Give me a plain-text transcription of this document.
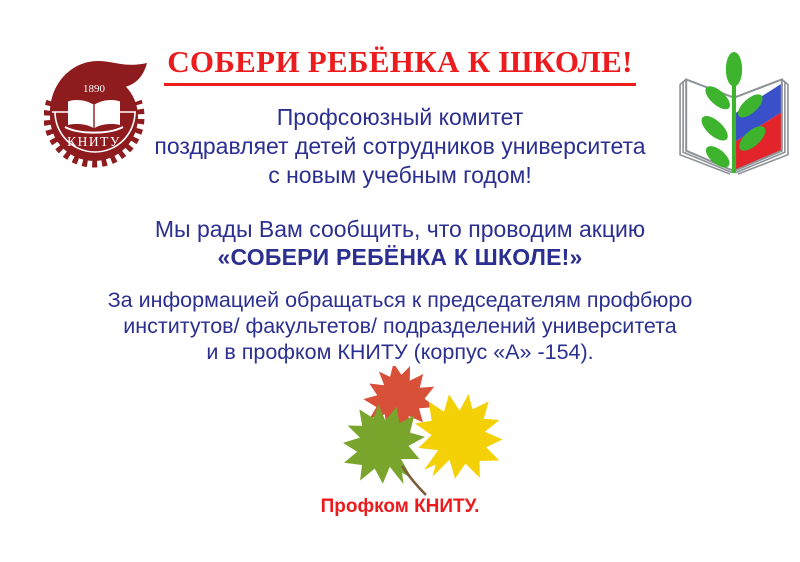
1890
КНИТУ
СОБЕРИ РЕБЁНКА К ШКОЛЕ!
Профсоюзный комитет
поздравляет детей сотрудников университета
с новым учебным годом!
Мы рады Вам сообщить, что проводим акцию
«СОБЕРИ РЕБЁНКА К ШКОЛЕ!»
За информацией обращаться к председателям профбюро
институтов/ факультетов/ подразделений университета
и в профком КНИТУ (корпус «А» -154).
Профком КНИТУ.
